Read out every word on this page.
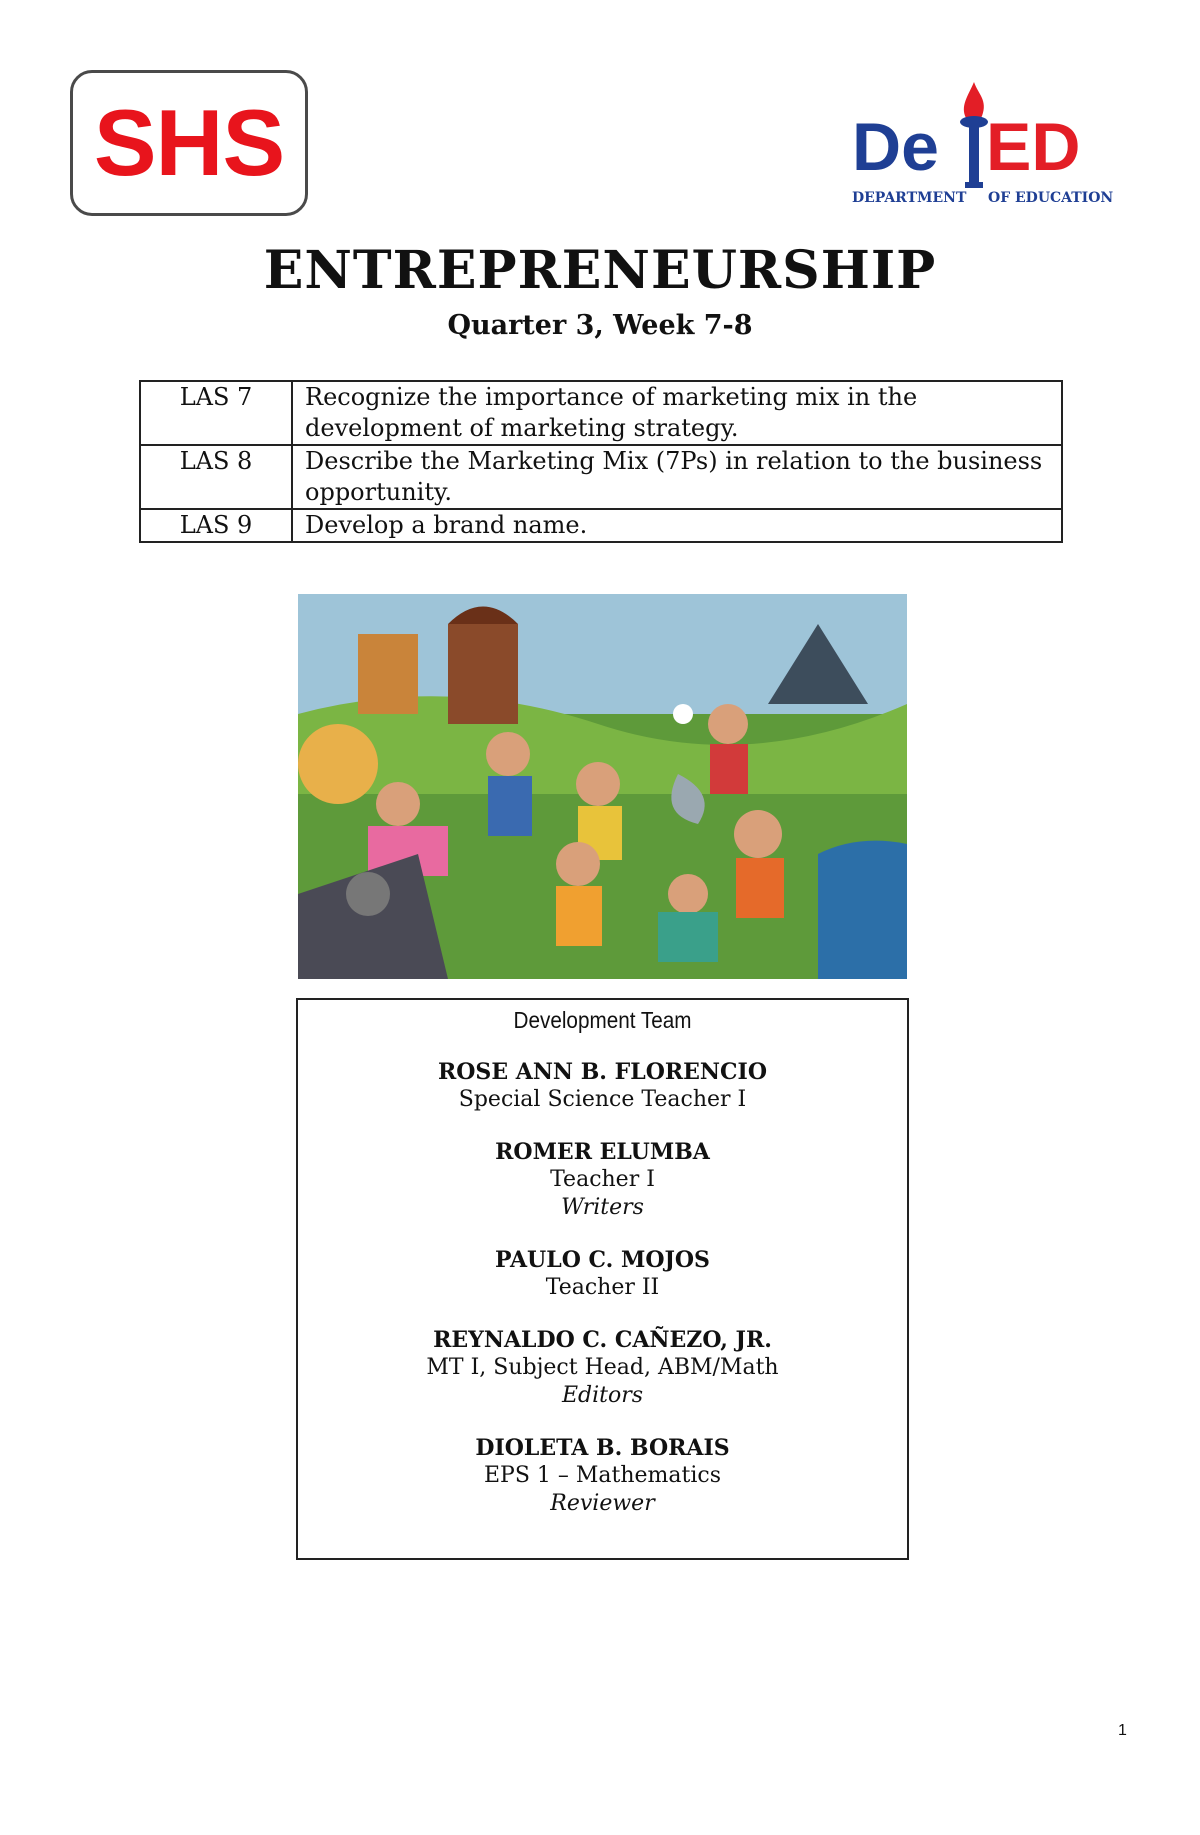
SHS	De ED
DEPARTMENT OF EDUCATION
ENTREPRENEURSHIP
Quarter 3, Week 7-8
LAS 7	Recognize the importance of marketing mix in the development of marketing strategy.
LAS 8	Describe the Marketing Mix (7Ps) in relation to the business opportunity.
LAS 9	Develop a brand name.
Development Team
ROSE ANN B. FLORENCIO
Special Science Teacher I
ROMER ELUMBA
Teacher I
Writers
PAULO C. MOJOS
Teacher II
REYNALDO C. CAÑEZO, JR.
MT I, Subject Head, ABM/Math
Editors
DIOLETA B. BORAIS
EPS 1 – Mathematics
Reviewer
1
